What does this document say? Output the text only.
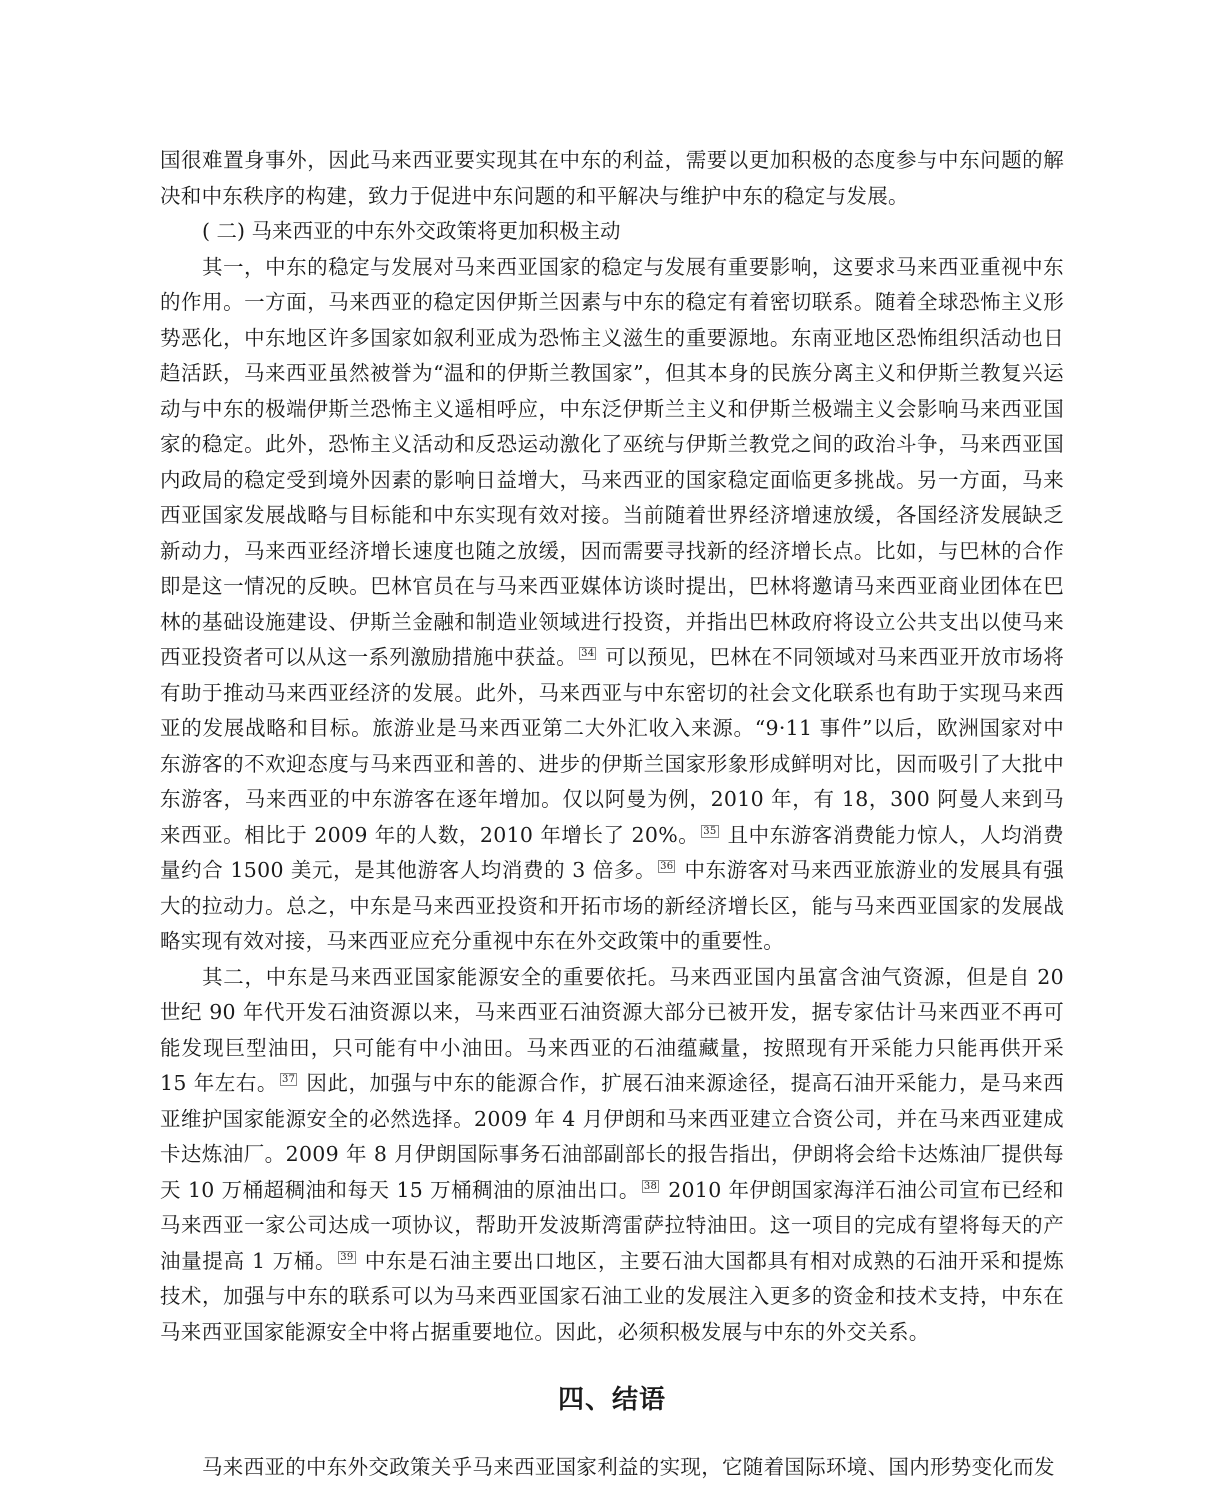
国很难置身事外，因此马来西亚要实现其在中东的利益，需要以更加积极的态度参与中东问题的解决和中东秩序的构建，致力于促进中东问题的和平解决与维护中东的稳定与发展。

( 二) 马来西亚的中东外交政策将更加积极主动

其一，中东的稳定与发展对马来西亚国家的稳定与发展有重要影响，这要求马来西亚重视中东的作用。一方面，马来西亚的稳定因伊斯兰因素与中东的稳定有着密切联系。随着全球恐怖主义形势恶化，中东地区许多国家如叙利亚成为恐怖主义滋生的重要源地。东南亚地区恐怖组织活动也日趋活跃，马来西亚虽然被誉为“温和的伊斯兰教国家”，但其本身的民族分离主义和伊斯兰教复兴运动与中东的极端伊斯兰恐怖主义遥相呼应，中东泛伊斯兰主义和伊斯兰极端主义会影响马来西亚国家的稳定。此外，恐怖主义活动和反恐运动激化了巫统与伊斯兰教党之间的政治斗争，马来西亚国内政局的稳定受到境外因素的影响日益增大，马来西亚的国家稳定面临更多挑战。另一方面，马来西亚国家发展战略与目标能和中东实现有效对接。当前随着世界经济增速放缓，各国经济发展缺乏新动力，马来西亚经济增长速度也随之放缓，因而需要寻找新的经济增长点。比如，与巴林的合作即是这一情况的反映。巴林官员在与马来西亚媒体访谈时提出，巴林将邀请马来西亚商业团体在巴林的基础设施建设、伊斯兰金融和制造业领域进行投资，并指出巴林政府将设立公共支出以使马来西亚投资者可以从这一系列激励措施中获益。 $^{34}$ 可以预见，巴林在不同领域对马来西亚开放市场将有助于推动马来西亚经济的发展。此外，马来西亚与中东密切的社会文化联系也有助于实现马来西亚的发展战略和目标。旅游业是马来西亚第二大外汇收入来源。“9·11 事件”以后，欧洲国家对中东游客的不欢迎态度与马来西亚和善的、进步的伊斯兰国家形象形成鲜明对比，因而吸引了大批中东游客，马来西亚的中东游客在逐年增加。仅以阿曼为例，2010 年，有 18，300 阿曼人来到马来西亚。相比于 2009 年的人数，2010 年增长了 20%。 $^{35}$ 且中东游客消费能力惊人，人均消费量约合 1500 美元，是其他游客人均消费的 3 倍多。 $^{36}$ 中东游客对马来西亚旅游业的发展具有强大的拉动力。总之，中东是马来西亚投资和开拓市场的新经济增长区，能与马来西亚国家的发展战略实现有效对接，马来西亚应充分重视中东在外交政策中的重要性。

其二，中东是马来西亚国家能源安全的重要依托。马来西亚国内虽富含油气资源，但是自 20 世纪 90 年代开发石油资源以来，马来西亚石油资源大部分已被开发，据专家估计马来西亚不再可能发现巨型油田，只可能有中小油田。马来西亚的石油蕴藏量，按照现有开采能力只能再供开采 15 年左右。 $^{37}$ 因此，加强与中东的能源合作，扩展石油来源途径，提高石油开采能力，是马来西亚维护国家能源安全的必然选择。2009 年 4 月伊朗和马来西亚建立合资公司，并在马来西亚建成卡达炼油厂。2009 年 8 月伊朗国际事务石油部副部长的报告指出，伊朗将会给卡达炼油厂提供每天 10 万桶超稠油和每天 15 万桶稠油的原油出口。 $^{38}$ 2010 年伊朗国家海洋石油公司宣布已经和马来西亚一家公司达成一项协议，帮助开发波斯湾雷萨拉特油田。这一项目的完成有望将每天的产油量提高 1 万桶。 $^{39}$ 中东是石油主要出口地区，主要石油大国都具有相对成熟的石油开采和提炼技术，加强与中东的联系可以为马来西亚国家石油工业的发展注入更多的资金和技术支持，中东在马来西亚国家能源安全中将占据重要地位。因此，必须积极发展与中东的外交关系。

四、结语

马来西亚的中东外交政策关乎马来西亚国家利益的实现，它随着国际环境、国内形势变化而发
